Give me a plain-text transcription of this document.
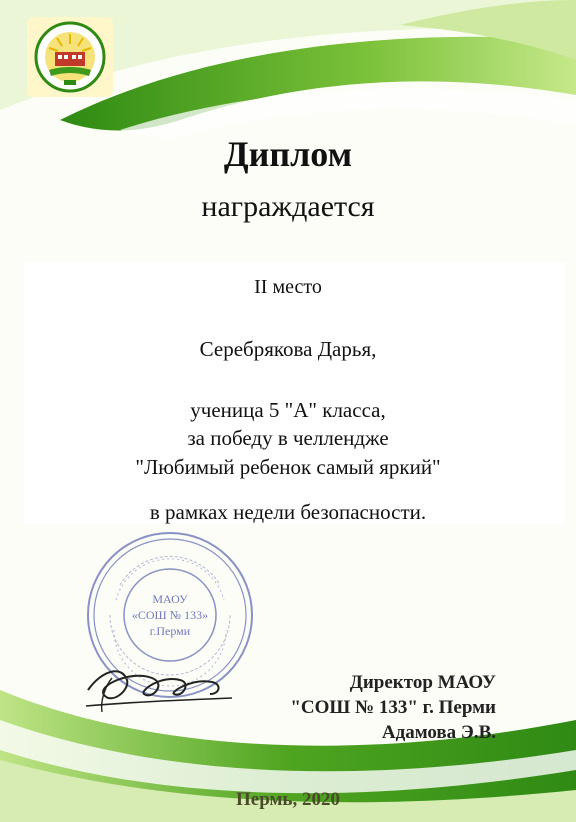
Диплом
награждается
II место
Серебрякова Дарья,
ученица 5 "А" класса,
за победу в челлендже
"Любимый ребенок самый яркий"
в рамках недели безопасности.
МАОУ
«СОШ № 133»
г.Перми
Директор МАОУ
"СОШ № 133" г. Перми
Адамова Э.В.
Пермь, 2020
